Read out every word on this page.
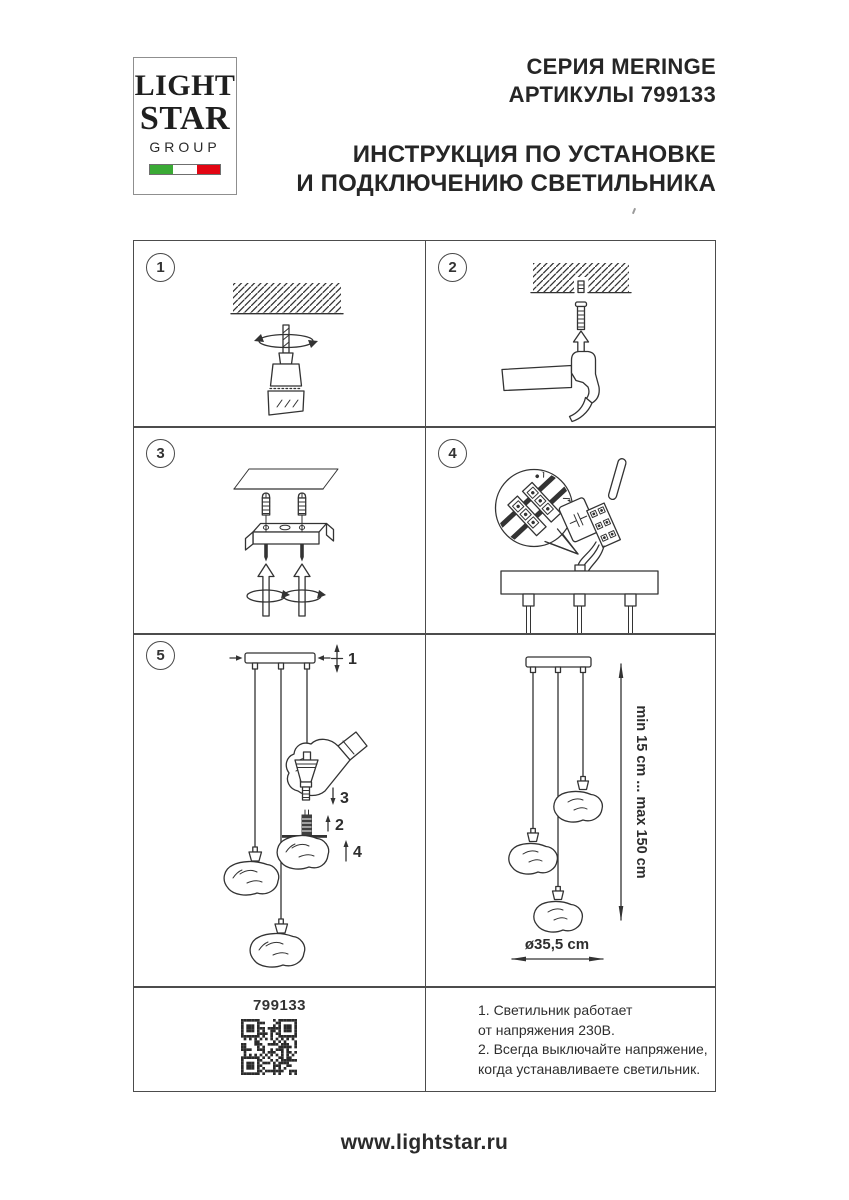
LIGHT
STAR
GROUP
СЕРИЯ MERINGE
АРТИКУЛЫ 799133
ИНСТРУКЦИЯ ПО УСТАНОВКЕ
И ПОДКЛЮЧЕНИЮ СВЕТИЛЬНИКА
1	2
3	4
5	1
3
2
4	min 15 cm ... max 150 cm
ø35,5 cm
799133	1. Светильник работает
от напряжения 230В.
2. Всегда выключайте напряжение,
когда устанавливаете светильник.
www.lightstar.ru
